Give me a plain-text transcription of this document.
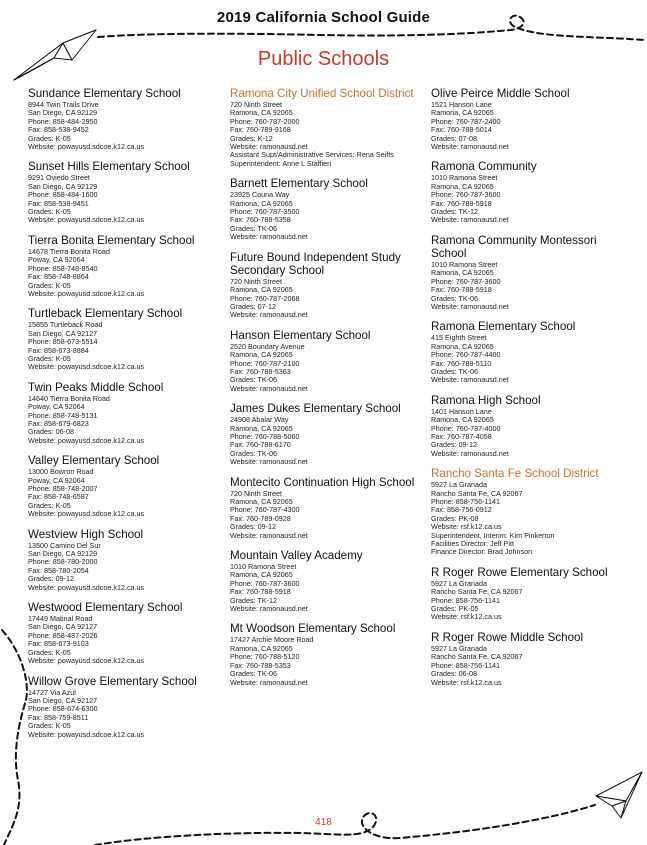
2019 California School Guide
Public Schools
Sundance Elementary School
8944 Twin Trails Drive
San Diego, CA 92129
Phone: 858-484-2950
Fax: 858-538-9452
Grades: K-05
Website: powayusd.sdcoe.k12.ca.us
Sunset Hills Elementary School
9291 Oviedo Street
San Diego, CA 92129
Phone: 858-484-1600
Fax: 858-538-9451
Grades: K-05
Website: powayusd.sdcoe.k12.ca.us
Tierra Bonita Elementary School
14678 Tierra Bonita Road
Poway, CA 92064
Phone: 858-748-8540
Fax: 858-748-8864
Grades: K-05
Website: powayusd.sdcoe.k12.ca.us
Turtleback Elementary School
15855 Turtleback Road
San Diego, CA 92127
Phone: 858-673-5514
Fax: 858-673-8884
Grades: K-05
Website: powayusd.sdcoe.k12.ca.us
Twin Peaks Middle School
14640 Tierra Bonita Road
Poway, CA 92064
Phone: 858-748-5131
Fax: 858-679-6823
Grades: 06-08
Website: powayusd.sdcoe.k12.ca.us
Valley Elementary School
13000 Bowron Road
Poway, CA 92064
Phone: 858-748-2007
Fax: 858-748-6587
Grades: K-05
Website: powayusd.sdcoe.k12.ca.us
Westview High School
13500 Camino Del Sur
San Diego, CA 92129
Phone: 858-780-2000
Fax: 858-780-2054
Grades: 09-12
Website: powayusd.sdcoe.k12.ca.us
Westwood Elementary School
17449 Matinal Road
San Diego, CA 92127
Phone: 858-487-2026
Fax: 858-673-9103
Grades: K-05
Website: powayusd.sdcoe.k12.ca.us
Willow Grove Elementary School
14727 Via Azul
San Diego, CA 92127
Phone: 858-674-6300
Fax: 858-759-8511
Grades: K-05
Website: powayusd.sdcoe.k12.ca.us
Ramona City Unified School District
720 Ninth Street
Ramona, CA 92065
Phone: 760-787-2000
Fax: 760-789-9168
Grades: K-12
Website: ramonausd.net
Assistant Supt/Administrative Services: Rena Seifts
Superintendent: Anne L Staffieri
Barnett Elementary School
23925 Couna Way
Ramona, CA 92065
Phone: 760-787-3500
Fax: 760-788-5358
Grades: TK-06
Website: ramonausd.net
Future Bound Independent Study Secondary School
720 Ninth Street
Ramona, CA 92065
Phone: 760-787-2068
Grades: 07-12
Website: ramonausd.net
Hanson Elementary School
2520 Boundary Avenue
Ramona, CA 92065
Phone: 760-787-2100
Fax: 760-788-5363
Grades: TK-06
Website: ramonausd.net
James Dukes Elementary School
24908 Abalar Way
Ramona, CA 92065
Phone: 760-788-5060
Fax: 760-788-6170
Grades: TK-06
Website: ramonausd.net
Montecito Continuation High School
720 Ninth Street
Ramona, CA 92065
Phone: 760-787-4300
Fax: 760-789-0928
Grades: 09-12
Website: ramonausd.net
Mountain Valley Academy
1010 Ramona Street
Ramona, CA 92065
Phone: 760-787-3600
Fax: 760-788-5918
Grades: TK-12
Website: ramonausd.net
Mt Woodson Elementary School
17427 Archie Moore Road
Ramona, CA 92065
Phone: 760-788-5120
Fax: 760-788-5353
Grades: TK-06
Website: ramonausd.net
Olive Peirce Middle School
1521 Hanson Lane
Ramona, CA 92065
Phone: 760-787-2400
Fax: 760-788-5014
Grades: 07-08
Website: ramonausd.net
Ramona Community
1010 Ramona Street
Ramona, CA 92065
Phone: 760-787-3600
Fax: 760-788-5918
Grades: TK-12
Website: ramonausd.net
Ramona Community Montessori School
1010 Ramona Street
Ramona, CA 92065
Phone: 760-787-3600
Fax: 760-788-5918
Grades: TK-06
Website: ramonausd.net
Ramona Elementary School
415 Eighth Street
Ramona, CA 92065
Phone: 760-787-4400
Fax: 760-788-5110
Grades: TK-06
Website: ramonausd.net
Ramona High School
1401 Hanson Lane
Ramona, CA 92065
Phone: 760-787-4000
Fax: 760-787-4058
Grades: 09-12
Website: ramonausd.net
Rancho Santa Fe School District
5927 La Granada
Rancho Santa Fe, CA 92067
Phone: 858-756-1141
Fax: 858-756-0912
Grades: PK-08
Website: rsf.k12.ca.us
Superintendent, Interim: Kim Pinkerton
Facilities Director: Jeff Pitt
Finance Director: Brad Johnson
R Roger Rowe Elementary School
5927 La Granada
Rancho Santa Fe, CA 92067
Phone: 858-756-1141
Grades: PK-05
Website: rsf.k12.ca.us
R Roger Rowe Middle School
5927 La Granada
Rancho Santa Fe, CA 92067
Phone: 858-756-1141
Grades: 06-08
Website: rsf.k12.ca.us
418
